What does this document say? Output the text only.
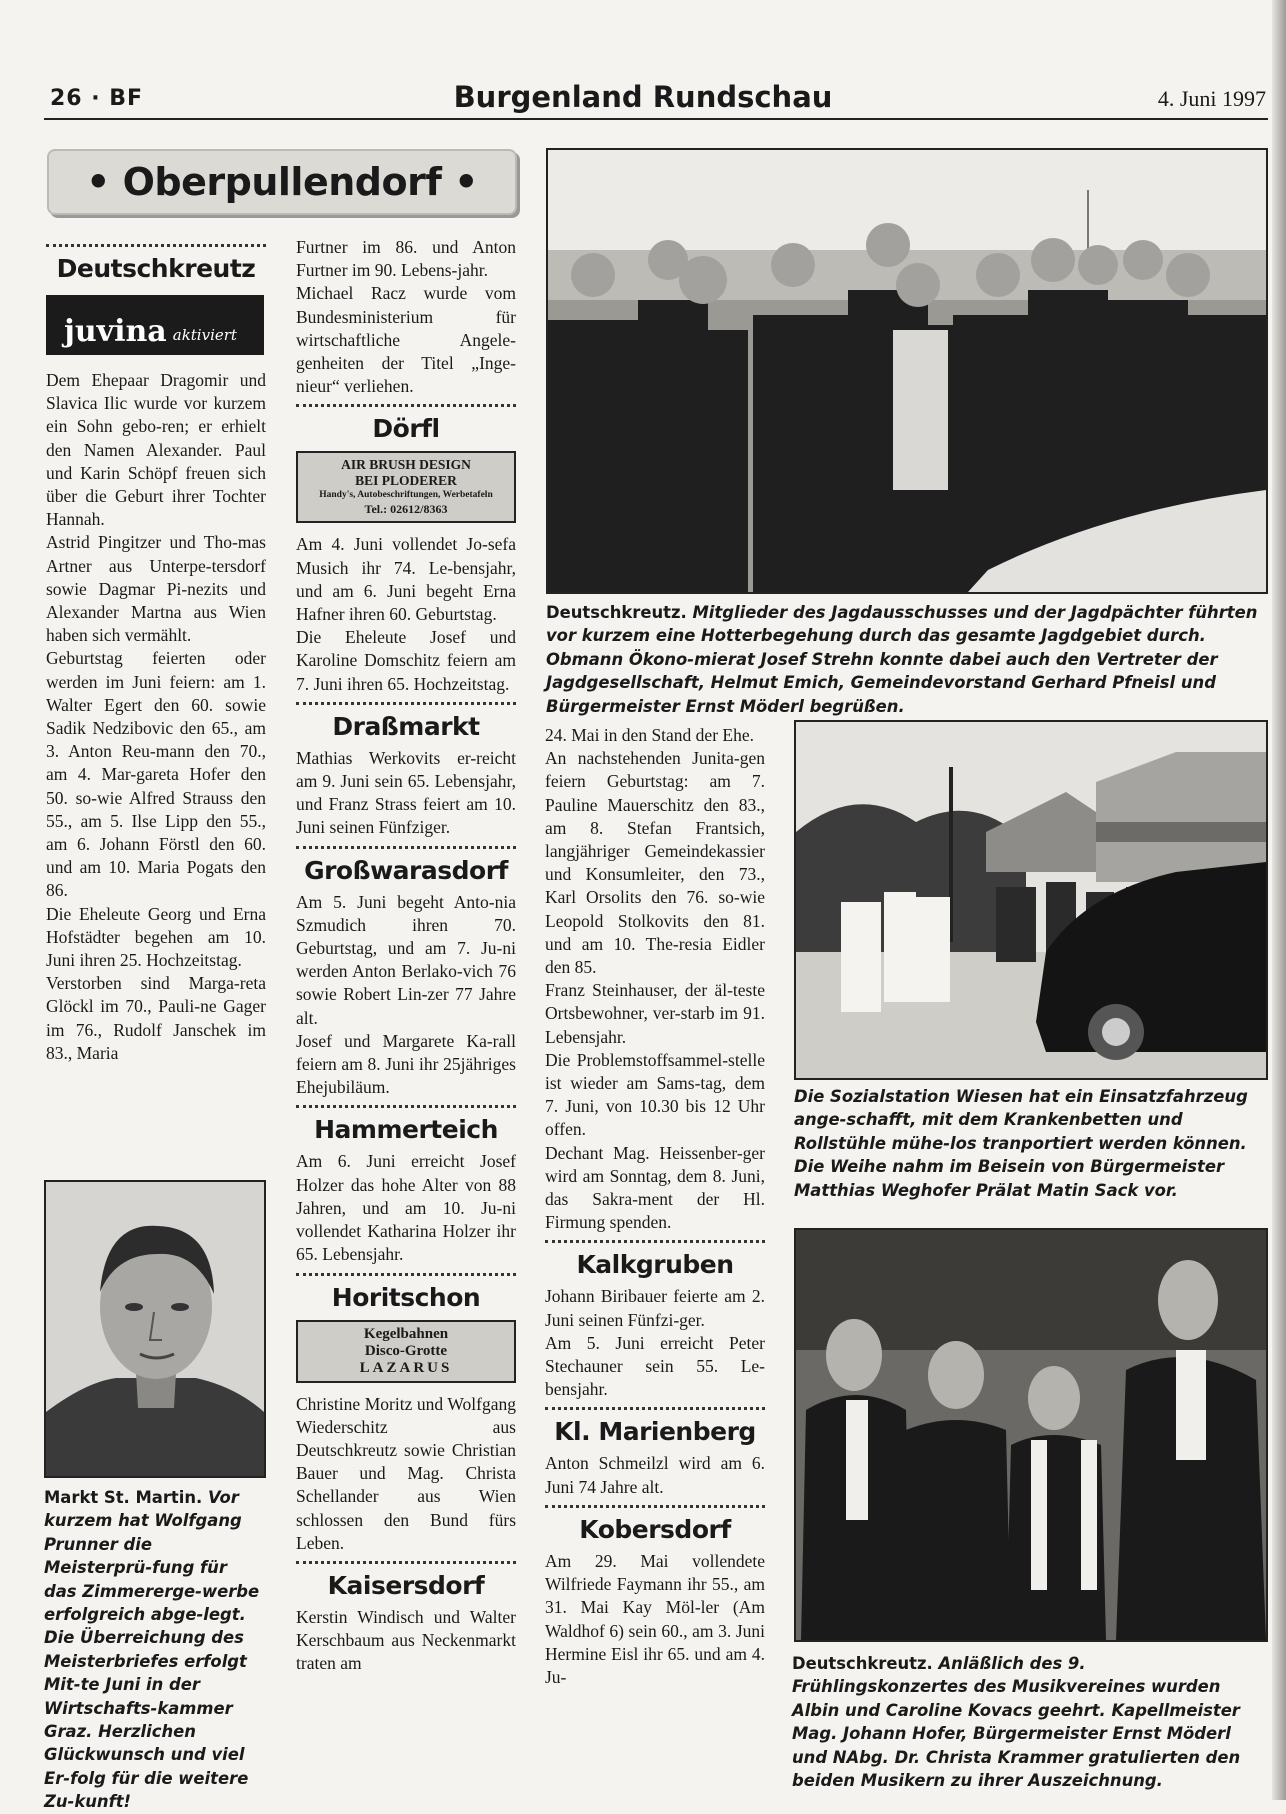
26 · BF	Burgenland Rundschau	4. Juni 1997
• Oberpullendorf •
Deutschkreutz
juvina aktiviert

Dem Ehepaar Dragomir und Slavica Ilic wurde vor kurzem ein Sohn gebo-ren; er erhielt den Namen Alexander. Paul und Karin Schöpf freuen sich über die Geburt ihrer Tochter Hannah.

Astrid Pingitzer und Tho-mas Artner aus Unterpe-tersdorf sowie Dagmar Pi-nezits und Alexander Martna aus Wien haben sich vermählt.

Geburtstag feierten oder werden im Juni feiern: am 1. Walter Egert den 60. sowie Sadik Nedzibovic den 65., am 3. Anton Reu-mann den 70., am 4. Mar-gareta Hofer den 50. so-wie Alfred Strauss den 55., am 5. Ilse Lipp den 55., am 6. Johann Förstl den 60. und am 10. Maria Pogats den 86.

Die Eheleute Georg und Erna Hofstädter begehen am 10. Juni ihren 25. Hochzeitstag.

Verstorben sind Marga-reta Glöckl im 70., Pauli-ne Gager im 76., Rudolf Janschek im 83., Maria

Markt St. Martin. Vor kurzem hat Wolfgang Prunner die Meisterprü-fung für das Zimmererge-werbe erfolgreich abge-legt. Die Überreichung des Meisterbriefes erfolgt Mit-te Juni in der Wirtschafts-kammer Graz. Herzlichen Glückwunsch und viel Er-folg für die weitere Zu-kunft!

Furtner im 86. und Anton Furtner im 90. Lebens-jahr.

Michael Racz wurde vom Bundesministerium für wirtschaftliche Angele-genheiten der Titel „Inge-nieur“ verliehen.

Dörfl
AIR BRUSH DESIGN
BEI PLODERER
Handy's, Autobeschriftungen, Werbetafeln
Tel.: 02612/8363

Am 4. Juni vollendet Jo-sefa Musich ihr 74. Le-bensjahr, und am 6. Juni begeht Erna Hafner ihren 60. Geburtstag.

Die Eheleute Josef und Karoline Domschitz feiern am 7. Juni ihren 65. Hochzeitstag.

Draßmarkt

Mathias Werkovits er-reicht am 9. Juni sein 65. Lebensjahr, und Franz Strass feiert am 10. Juni seinen Fünfziger.

Großwarasdorf

Am 5. Juni begeht Anto-nia Szmudich ihren 70. Geburtstag, und am 7. Ju-ni werden Anton Berlako-vich 76 sowie Robert Lin-zer 77 Jahre alt.

Josef und Margarete Ka-rall feiern am 8. Juni ihr 25jähriges Ehejubiläum.

Hammerteich

Am 6. Juni erreicht Josef Holzer das hohe Alter von 88 Jahren, und am 10. Ju-ni vollendet Katharina Holzer ihr 65. Lebensjahr.

Horitschon
Kegelbahnen
Disco-Grotte
LAZARUS

Christine Moritz und Wolfgang Wiederschitz aus Deutschkreutz sowie Christian Bauer und Mag. Christa Schellander aus Wien schlossen den Bund fürs Leben.

Kaisersdorf

Kerstin Windisch und Walter Kerschbaum aus Neckenmarkt traten am

Deutschkreutz. Mitglieder des Jagdausschusses und der Jagdpächter führten vor kurzem eine Hotterbegehung durch das gesamte Jagdgebiet durch. Obmann Ökono-mierat Josef Strehn konnte dabei auch den Vertreter der Jagdgesellschaft, Helmut Emich, Gemeindevorstand Gerhard Pfneisl und Bürgermeister Ernst Möderl begrüßen.

24. Mai in den Stand der Ehe.

An nachstehenden Junita-gen feiern Geburtstag: am 7. Pauline Mauerschitz den 83., am 8. Stefan Frantsich, langjähriger Gemeindekassier und Konsumleiter, den 73., Karl Orsolits den 76. so-wie Leopold Stolkovits den 81. und am 10. The-resia Eidler den 85.

Franz Steinhauser, der äl-teste Ortsbewohner, ver-starb im 91. Lebensjahr.

Die Problemstoffsammel-stelle ist wieder am Sams-tag, dem 7. Juni, von 10.30 bis 12 Uhr offen.

Dechant Mag. Heissenber-ger wird am Sonntag, dem 8. Juni, das Sakra-ment der Hl. Firmung spenden.

Kalkgruben

Johann Biribauer feierte am 2. Juni seinen Fünfzi-ger.

Am 5. Juni erreicht Peter Stechauner sein 55. Le-bensjahr.

Kl. Marienberg

Anton Schmeilzl wird am 6. Juni 74 Jahre alt.

Kobersdorf

Am 29. Mai vollendete Wilfriede Faymann ihr 55., am 31. Mai Kay Möl-ler (Am Waldhof 6) sein 60., am 3. Juni Hermine Eisl ihr 65. und am 4. Ju-

Die Sozialstation Wiesen hat ein Einsatzfahrzeug ange-schafft, mit dem Krankenbetten und Rollstühle mühe-los tranportiert werden können. Die Weihe nahm im Beisein von Bürgermeister Matthias Weghofer Prälat Matin Sack vor.
Deutschkreutz. Anläßlich des 9. Frühlingskonzertes des Musikvereines wurden Albin und Caroline Kovacs geehrt. Kapellmeister Mag. Johann Hofer, Bürgermeister Ernst Möderl und NAbg. Dr. Christa Krammer gratulierten den beiden Musikern zu ihrer Auszeichnung.
